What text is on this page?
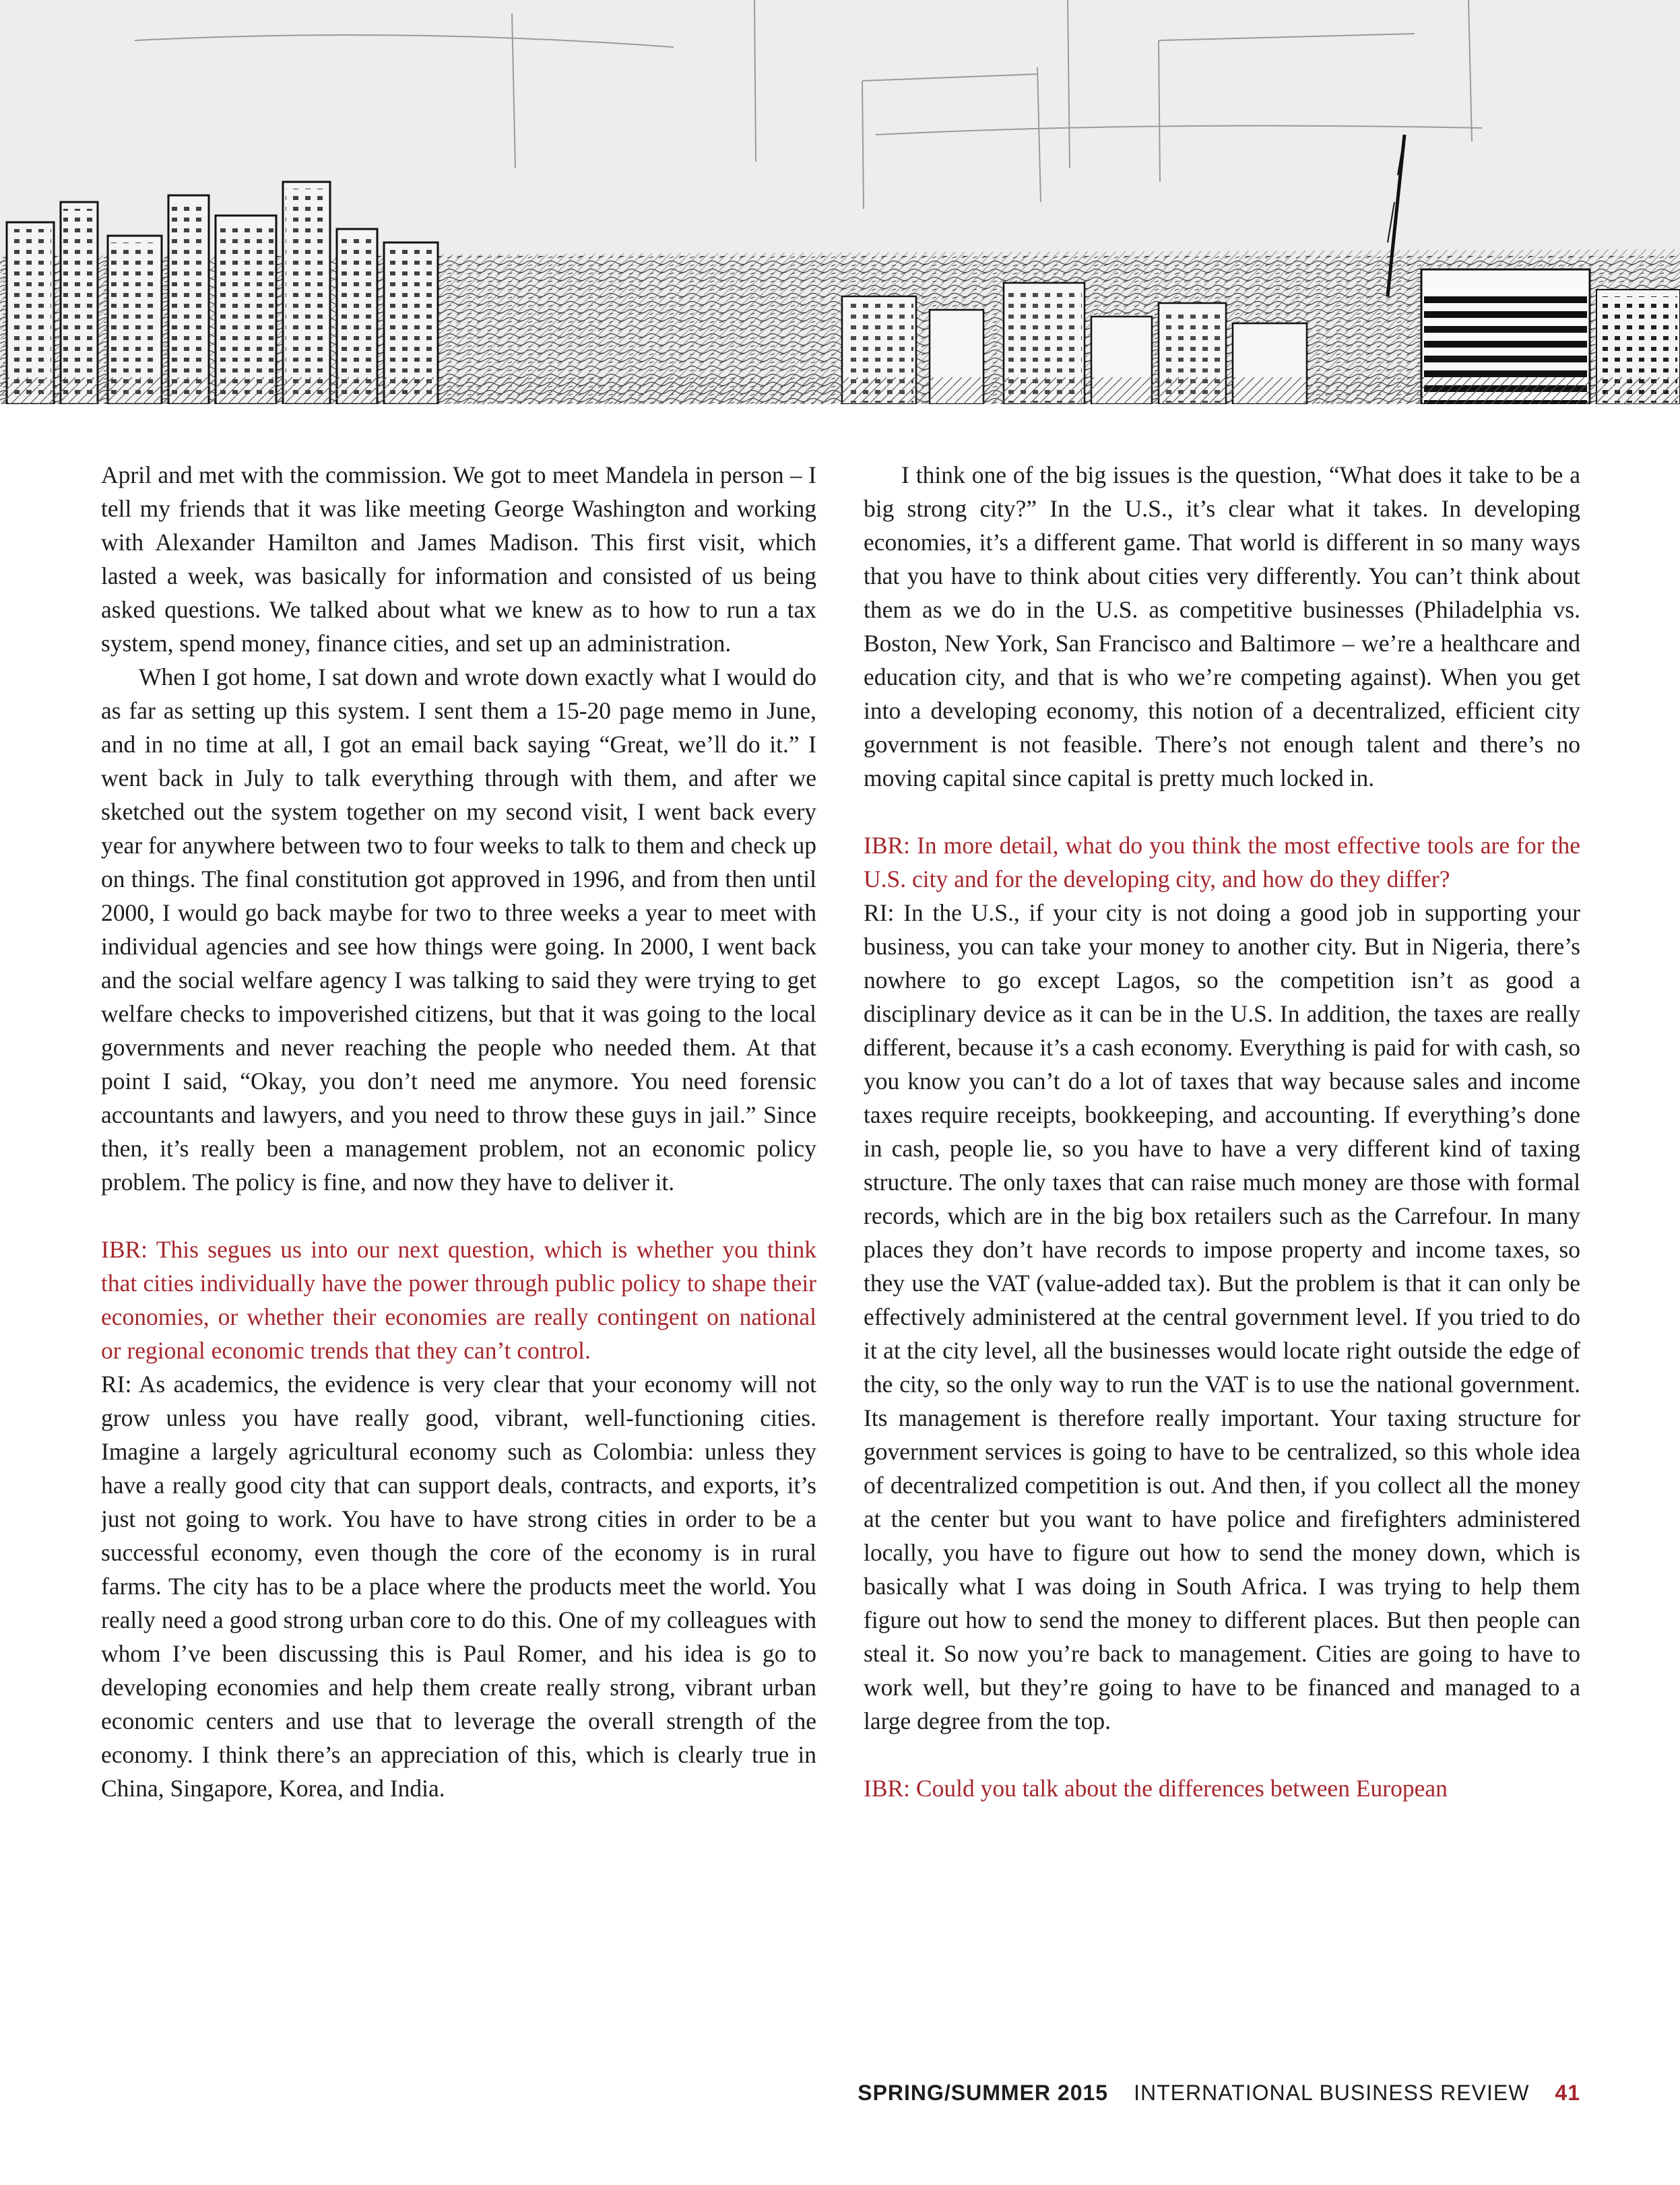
April and met with the commission. We got to meet Mandela in person – I tell my friends that it was like meeting George Washington and working with Alexander Hamilton and James Madison. This first visit, which lasted a week, was basically for information and consisted of us being asked questions. We talked about what we knew as to how to run a tax system, spend money, finance cities, and set up an administration.

When I got home, I sat down and wrote down exactly what I would do as far as setting up this system. I sent them a 15-20 page memo in June, and in no time at all, I got an email back saying “Great, we’ll do it.” I went back in July to talk everything through with them, and after we sketched out the system together on my second visit, I went back every year for anywhere between two to four weeks to talk to them and check up on things. The final constitution got approved in 1996, and from then until 2000, I would go back maybe for two to three weeks a year to meet with individual agencies and see how things were going. In 2000, I went back and the social welfare agency I was talking to said they were trying to get welfare checks to impoverished citizens, but that it was going to the local governments and never reaching the people who needed them. At that point I said, “Okay, you don’t need me anymore. You need forensic accountants and lawyers, and you need to throw these guys in jail.” Since then, it’s really been a management problem, not an economic policy problem. The policy is fine, and now they have to deliver it.

IBR: This segues us into our next question, which is whether you think that cities individually have the power through public policy to shape their economies, or whether their economies are really contingent on national or regional economic trends that they can’t control.

RI: As academics, the evidence is very clear that your economy will not grow unless you have really good, vibrant, well-functioning cities. Imagine a largely agricultural economy such as Colombia: unless they have a really good city that can support deals, contracts, and exports, it’s just not going to work. You have to have strong cities in order to be a successful economy, even though the core of the economy is in rural farms. The city has to be a place where the products meet the world. You really need a good strong urban core to do this. One of my colleagues with whom I’ve been discussing this is Paul Romer, and his idea is go to developing economies and help them create really strong, vibrant urban economic centers and use that to leverage the overall strength of the economy. I think there’s an appreciation of this, which is clearly true in China, Singapore, Korea, and India.

I think one of the big issues is the question, “What does it take to be a big strong city?” In the U.S., it’s clear what it takes. In developing economies, it’s a different game. That world is different in so many ways that you have to think about cities very differently. You can’t think about them as we do in the U.S. as competitive businesses (Philadelphia vs. Boston, New York, San Francisco and Baltimore – we’re a healthcare and education city, and that is who we’re competing against). When you get into a developing economy, this notion of a decentralized, efficient city government is not feasible. There’s not enough talent and there’s no moving capital since capital is pretty much locked in.

IBR: In more detail, what do you think the most effective tools are for the U.S. city and for the developing city, and how do they differ?

RI: In the U.S., if your city is not doing a good job in supporting your business, you can take your money to another city. But in Nigeria, there’s nowhere to go except Lagos, so the competition isn’t as good a disciplinary device as it can be in the U.S. In addition, the taxes are really different, because it’s a cash economy. Everything is paid for with cash, so you know you can’t do a lot of taxes that way because sales and income taxes require receipts, bookkeeping, and accounting. If everything’s done in cash, people lie, so you have to have a very different kind of taxing structure. The only taxes that can raise much money are those with formal records, which are in the big box retailers such as the Carrefour. In many places they don’t have records to impose property and income taxes, so they use the VAT (value-added tax). But the problem is that it can only be effectively administered at the central government level. If you tried to do it at the city level, all the businesses would locate right outside the edge of the city, so the only way to run the VAT is to use the national government. Its management is therefore really important. Your taxing structure for government services is going to have to be centralized, so this whole idea of decentralized competition is out. And then, if you collect all the money at the center but you want to have police and firefighters administered locally, you have to figure out how to send the money down, which is basically what I was doing in South Africa. I was trying to help them figure out how to send the money to different places. But then people can steal it. So now you’re back to management. Cities are going to have to work well, but they’re going to have to be financed and managed to a large degree from the top.

IBR: Could you talk about the differences between European

SPRING/SUMMER 2015 INTERNATIONAL BUSINESS REVIEW 41
